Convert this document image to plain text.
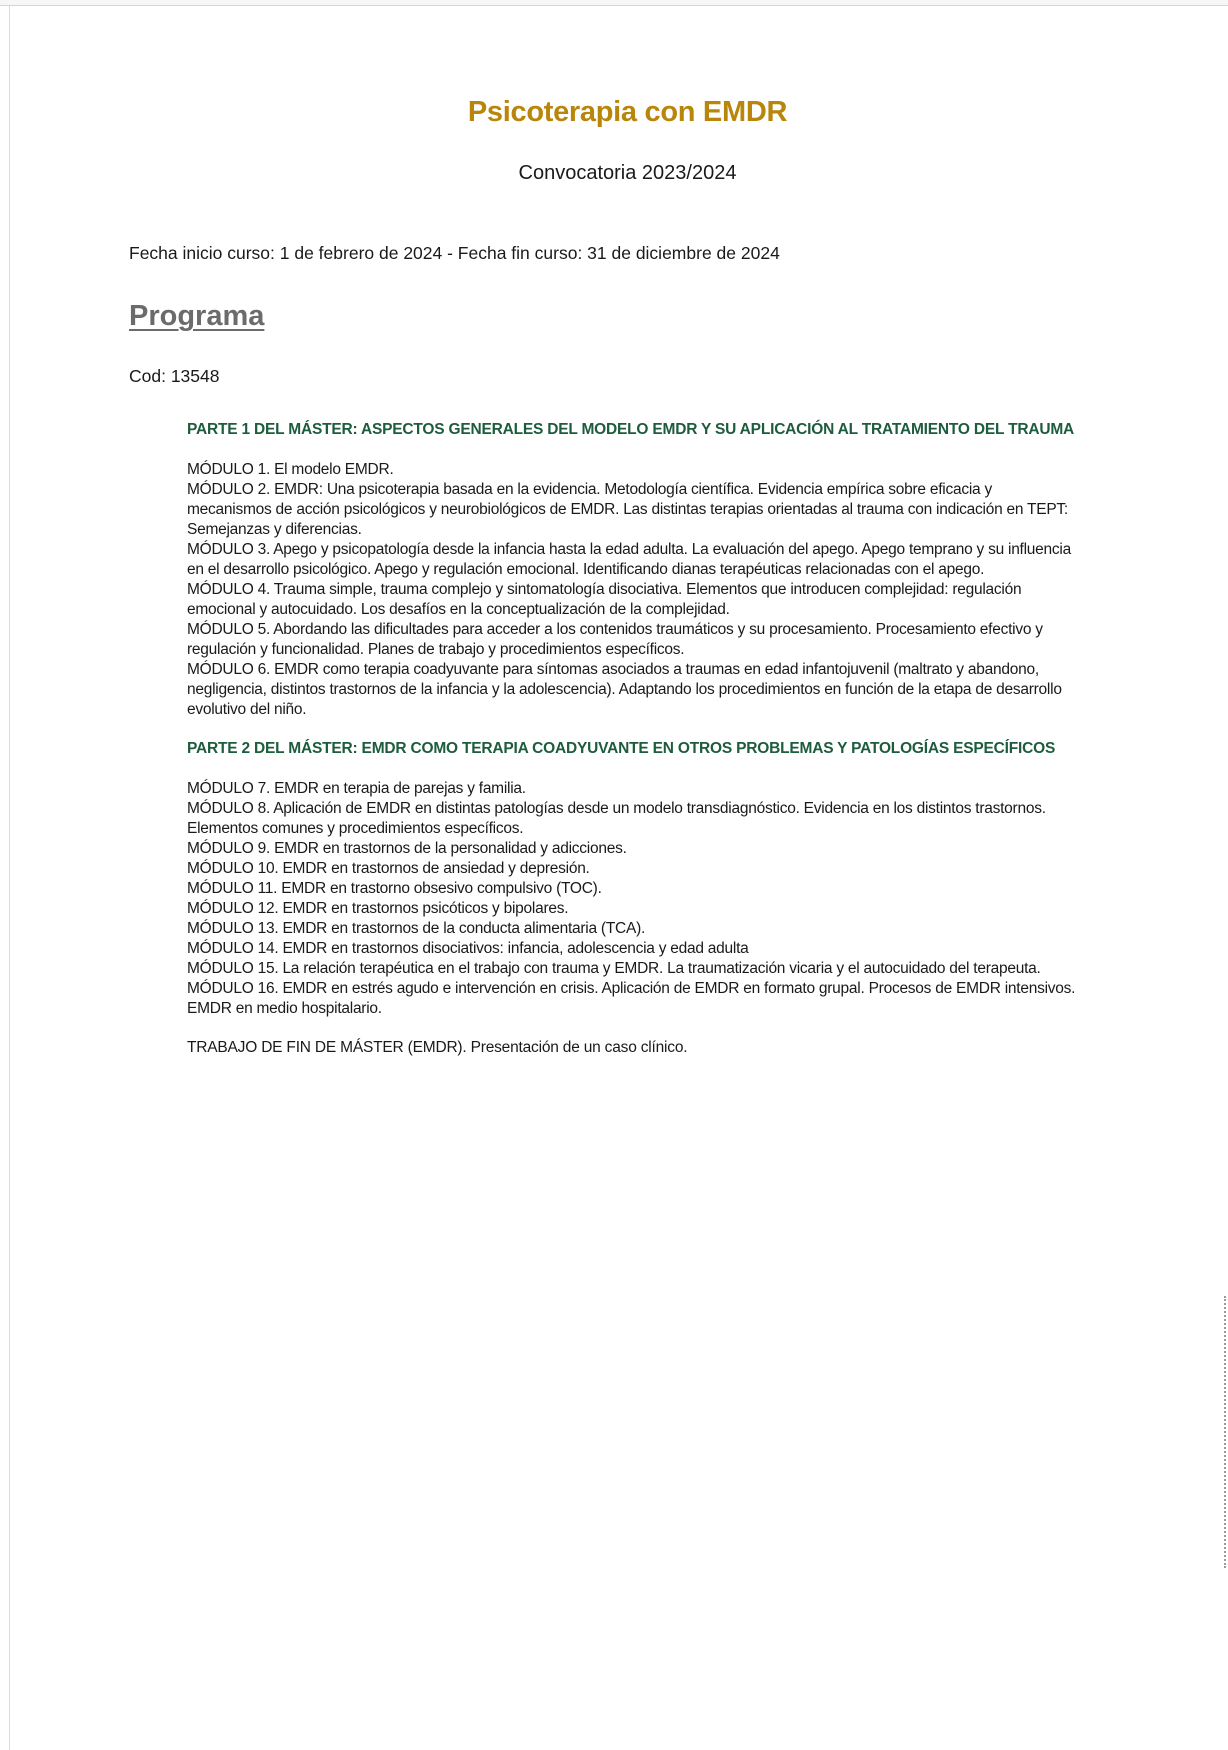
Psicoterapia con EMDR
Convocatoria 2023/2024

Fecha inicio curso: 1 de febrero de 2024 - Fecha fin curso: 31 de diciembre de 2024

Programa

Cod: 13548

PARTE 1 DEL MÁSTER: ASPECTOS GENERALES DEL MODELO EMDR Y SU APLICACIÓN AL TRATAMIENTO DEL TRAUMA
MÓDULO 1. El modelo EMDR.
MÓDULO 2. EMDR: Una psicoterapia basada en la evidencia. Metodología científica. Evidencia empírica sobre eficacia y mecanismos de acción psicológicos y neurobiológicos de EMDR. Las distintas terapias orientadas al trauma con indicación en TEPT: Semejanzas y diferencias.
MÓDULO 3. Apego y psicopatología desde la infancia hasta la edad adulta. La evaluación del apego. Apego temprano y su influencia en el desarrollo psicológico. Apego y regulación emocional. Identificando dianas terapéuticas relacionadas con el apego.
MÓDULO 4. Trauma simple, trauma complejo y sintomatología disociativa. Elementos que introducen complejidad: regulación emocional y autocuidado. Los desafíos en la conceptualización de la complejidad.
MÓDULO 5. Abordando las dificultades para acceder a los contenidos traumáticos y su procesamiento. Procesamiento efectivo y regulación y funcionalidad. Planes de trabajo y procedimientos específicos.
MÓDULO 6. EMDR como terapia coadyuvante para síntomas asociados a traumas en edad infantojuvenil (maltrato y abandono, negligencia, distintos trastornos de la infancia y la adolescencia). Adaptando los procedimientos en función de la etapa de desarrollo evolutivo del niño.
PARTE 2 DEL MÁSTER: EMDR COMO TERAPIA COADYUVANTE EN OTROS PROBLEMAS Y PATOLOGÍAS ESPECÍFICOS
MÓDULO 7. EMDR en terapia de parejas y familia.
MÓDULO 8. Aplicación de EMDR en distintas patologías desde un modelo transdiagnóstico. Evidencia en los distintos trastornos. Elementos comunes y procedimientos específicos.
MÓDULO 9. EMDR en trastornos de la personalidad y adicciones.
MÓDULO 10. EMDR en trastornos de ansiedad y depresión.
MÓDULO 11. EMDR en trastorno obsesivo compulsivo (TOC).
MÓDULO 12. EMDR en trastornos psicóticos y bipolares.
MÓDULO 13. EMDR en trastornos de la conducta alimentaria (TCA).
MÓDULO 14. EMDR en trastornos disociativos: infancia, adolescencia y edad adulta
MÓDULO 15. La relación terapéutica en el trabajo con trauma y EMDR. La traumatización vicaria y el autocuidado del terapeuta.
MÓDULO 16. EMDR en estrés agudo e intervención en crisis. Aplicación de EMDR en formato grupal. Procesos de EMDR intensivos. EMDR en medio hospitalario.

TRABAJO DE FIN DE MÁSTER (EMDR). Presentación de un caso clínico.
